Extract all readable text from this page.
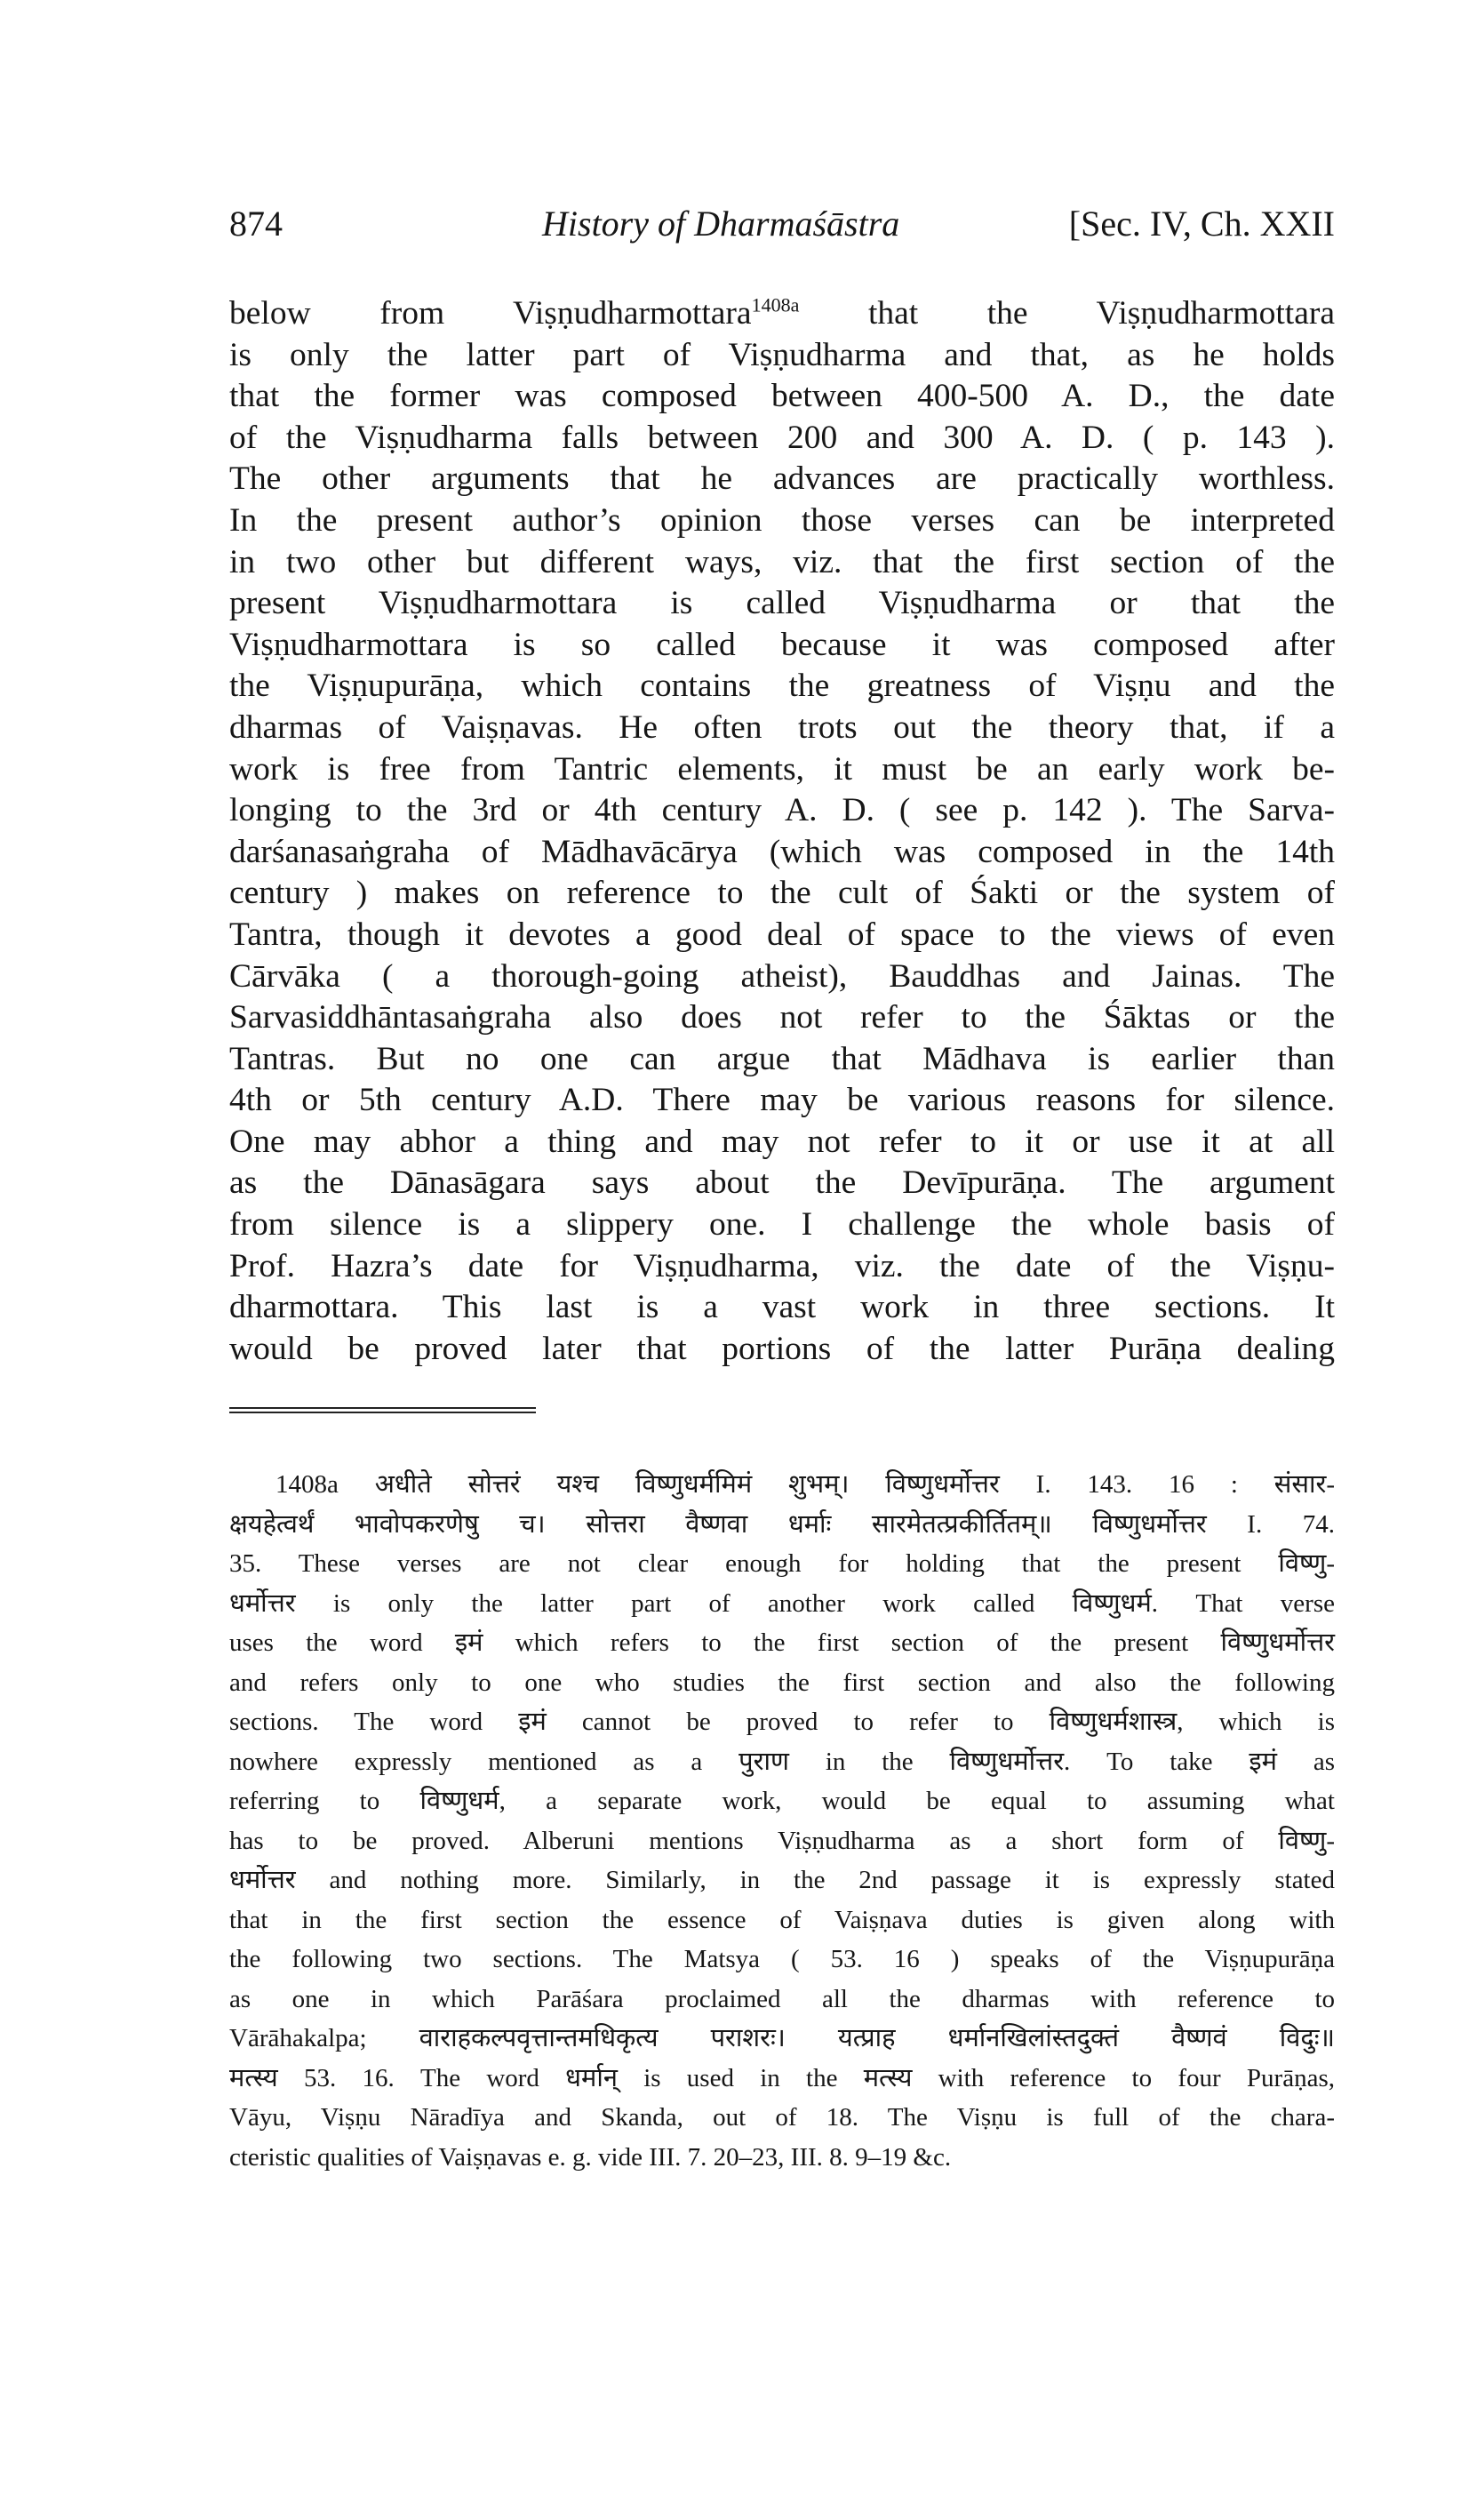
874	History of Dharmaśāstra	[Sec. IV, Ch. XXII
below from Viṣṇudharmottara$^{1408a}$ that the Viṣṇudharmottara
is only the latter part of Viṣṇudharma and that, as he holds
that the former was composed between 400-500 A. D., the date
of the Viṣṇudharma falls between 200 and 300 A. D. ( p. 143 ).
The other arguments that he advances are practically worthless.
In the present author’s opinion those verses can be interpreted
in two other but different ways, viz. that the first section of the
present Viṣṇudharmottara is called Viṣṇudharma or that the
Viṣṇudharmottara is so called because it was composed after
the Viṣṇupurāṇa, which contains the greatness of Viṣṇu and the
dharmas of Vaiṣṇavas. He often trots out the theory that, if a
work is free from Tantric elements, it must be an early work be-
longing to the 3rd or 4th century A. D. ( see p. 142 ). The Sarva-
darśanasaṅgraha of Mādhavācārya (which was composed in the 14th
century ) makes on reference to the cult of Śakti or the system of
Tantra, though it devotes a good deal of space to the views of even
Cārvāka ( a thorough-going atheist), Bauddhas and Jainas. The
Sarvasiddhāntasaṅgraha also does not refer to the Śāktas or the
Tantras. But no one can argue that Mādhava is earlier than
4th or 5th century A.D. There may be various reasons for silence.
One may abhor a thing and may not refer to it or use it at all
as the Dānasāgara says about the Devīpurāṇa. The argument
from silence is a slippery one. I challenge the whole basis of
Prof. Hazra’s date for Viṣṇudharma, viz. the date of the Viṣṇu-
dharmottara. This last is a vast work in three sections. It
would be proved later that portions of the latter Purāṇa dealing
1408a अधीते सोत्तरं यश्च विष्णुधर्ममिमं शुभम्। विष्णुधर्मोत्तर I. 143. 16 : संसार-
क्षयहेत्वर्थं भावोपकरणेषु च। सोत्तरा वैष्णवा धर्माः सारमेतत्प्रकीर्तितम्॥ विष्णुधर्मोत्तर I. 74.
35. These verses are not clear enough for holding that the present विष्णु-
धर्मोत्तर is only the latter part of another work called विष्णुधर्म. That verse
uses the word इमं which refers to the first section of the present विष्णुधर्मोत्तर
and refers only to one who studies the first section and also the following
sections. The word इमं cannot be proved to refer to विष्णुधर्मशास्त्र, which is
nowhere expressly mentioned as a पुराण in the विष्णुधर्मोत्तर. To take इमं as
referring to विष्णुधर्म, a separate work, would be equal to assuming what
has to be proved. Alberuni mentions Viṣṇudharma as a short form of विष्णु-
धर्मोत्तर and nothing more. Similarly, in the 2nd passage it is expressly stated
that in the first section the essence of Vaiṣṇava duties is given along with
the following two sections. The Matsya ( 53. 16 ) speaks of the Viṣṇupurāṇa
as one in which Parāśara proclaimed all the dharmas with reference to
Vārāhakalpa; वाराहकल्पवृत्तान्तमधिकृत्य पराशरः। यत्प्राह धर्मानखिलांस्तदुक्तं वैष्णवं विदुः॥
मत्स्य 53. 16. The word धर्मान् is used in the मत्स्य with reference to four Purāṇas,
Vāyu, Viṣṇu Nāradīya and Skanda, out of 18. The Viṣṇu is full of the chara-
cteristic qualities of Vaiṣṇavas e. g. vide III. 7. 20–23, III. 8. 9–19 &c.
